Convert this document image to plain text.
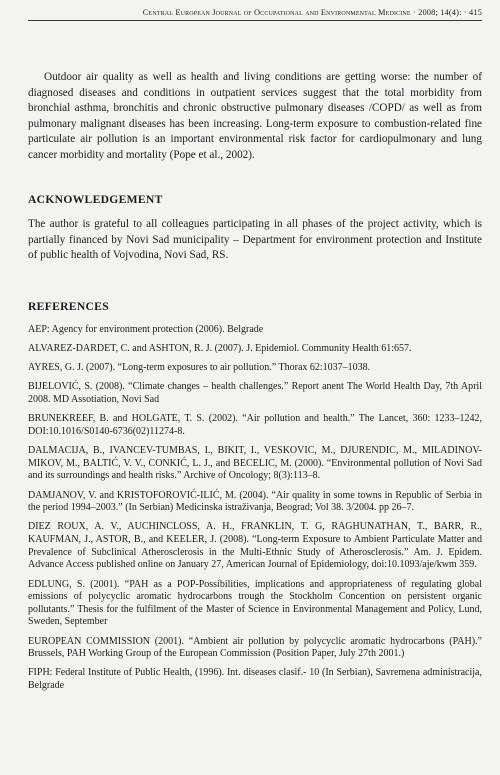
Central European Journal of Occupational and Environmental Medicine · 2008; 14(4): · 415

Outdoor air quality as well as health and living conditions are getting worse: the number of diagnosed diseases and conditions in outpatient services suggest that the total morbidity from bronchial asthma, bronchitis and chronic obstructive pulmonary diseases /COPD/ as well as from pulmonary malignant diseases has been increasing. Long-term exposure to combustion-related fine particulate air pollution is an important environmental risk factor for cardiopulmonary and lung cancer morbidity and mortality (Pope et al., 2002).

ACKNOWLEDGEMENT

The author is grateful to all colleagues participating in all phases of the project activity, which is partially financed by Novi Sad municipality – Department for environment protection and Institute of public health of Vojvodina, Novi Sad, RS.

REFERENCES
AEP: Agency for environment protection (2006). Belgrade
ALVAREZ-DARDET, C. and ASHTON, R. J. (2007). J. Epidemiol. Community Health 61:657.
AYRES, G. J. (2007). “Long-term exposures to air pollution.” Thorax 62:1037–1038.
BIJELOVIĆ, S. (2008). “Climate changes – health challenges.” Report anent The World Health Day, 7th April 2008. MD Assotiation, Novi Sad
BRUNEKREEF, B. and HOLGATE, T. S. (2002). “Air pollution and health.” The Lancet, 360: 1233–1242, DOI:10.1016/S0140-6736(02)11274-8.
DALMACIJA, B., IVANCEV-TUMBAS, I., BIKIT, I., VESKOVIC, M., DJURENDIC, M., MILADINOV-MIKOV, M., BALTIĆ, V. V., CONKIĆ, L. J., and BECELIC, M. (2000). “Environmental pollution of Novi Sad and its surroundings and health risks.” Archive of Oncology; 8(3):113–8.
DAMJANOV, V. and KRISTOFOROVIĆ-ILIĆ, M. (2004). “Air quality in some towns in Republic of Serbia in the period 1994–2003.” (In Serbian) Medicinska istraživanja, Beograd; Vol 38. 3/2004. pp 26–7.
DIEZ ROUX, A. V., AUCHINCLOSS, A. H., FRANKLIN, T. G, RAGHUNATHAN, T., BARR, R., KAUFMAN, J., ASTOR, B., and KEELER, J. (2008). “Long-term Exposure to Ambient Particulate Matter and Prevalence of Subclinical Atherosclerosis in the Multi-Ethnic Study of Atherosclerosis.” Am. J. Epidem. Advance Access published online on January 27, American Journal of Epidemiology, doi:10.1093/aje/kwm 359.
EDLUNG, S. (2001). “PAH as a POP-Possibilities, implications and appropriateness of regulating global emissions of polycyclic aromatic hydrocarbons trough the Stockholm Concention on persistent organic pollutants.” Thesis for the fulfilment of the Master of Science in Environmental Management and Policy, Lund, Sweden, September
EUROPEAN COMMISSION (2001). “Ambient air pollution by polycyclic aromatic hydrocarbons (PAH).” Brussels, PAH Working Group of the European Commission (Position Paper, July 27th 2001.)
FIPH: Federal Institute of Public Health, (1996). Int. diseases clasif.- 10 (In Serbian), Savremena administracija, Belgrade
